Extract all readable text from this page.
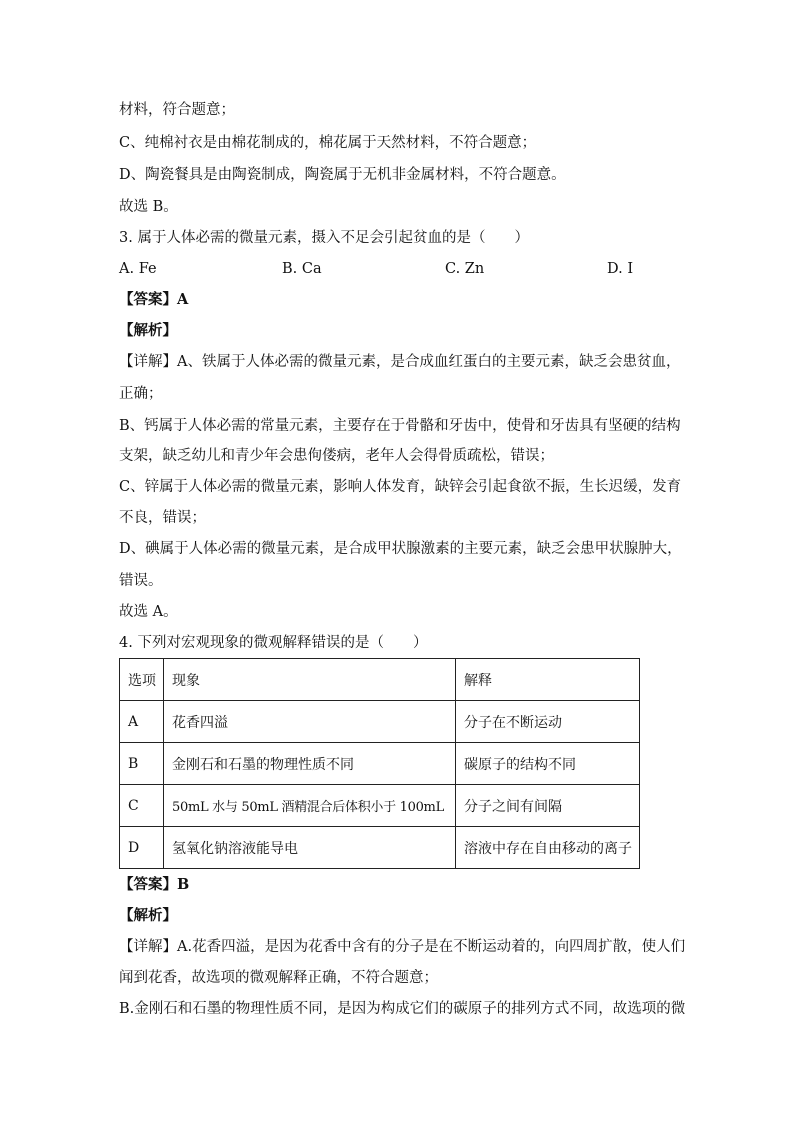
材料，符合题意；
C、纯棉衬衣是由棉花制成的，棉花属于天然材料，不符合题意；
D、陶瓷餐具是由陶瓷制成，陶瓷属于无机非金属材料，不符合题意。
故选 B。
3. 属于人体必需的微量元素，摄入不足会引起贫血的是（　　）
A. Fe	B. Ca	C. Zn	D. I
【答案】A
【解析】
【详解】A、铁属于人体必需的微量元素，是合成血红蛋白的主要元素，缺乏会患贫血，
正确；
B、钙属于人体必需的常量元素，主要存在于骨骼和牙齿中，使骨和牙齿具有坚硬的结构
支架，缺乏幼儿和青少年会患佝偻病，老年人会得骨质疏松，错误；
C、锌属于人体必需的微量元素，影响人体发育，缺锌会引起食欲不振，生长迟缓，发育
不良，错误；
D、碘属于人体必需的微量元素，是合成甲状腺激素的主要元素，缺乏会患甲状腺肿大，
错误。
故选 A。
4. 下列对宏观现象的微观解释错误的是（　　）
选项	现象	解释
A	花香四溢	分子在不断运动
B	金刚石和石墨的物理性质不同	碳原子的结构不同
C	50mL 水与 50mL 酒精混合后体积小于 100mL	分子之间有间隔
D	氢氧化钠溶液能导电	溶液中存在自由移动的离子
【答案】B
【解析】
【详解】A.花香四溢，是因为花香中含有的分子是在不断运动着的，向四周扩散，使人们
闻到花香，故选项的微观解释正确，不符合题意；
B.金刚石和石墨的物理性质不同，是因为构成它们的碳原子的排列方式不同，故选项的微
